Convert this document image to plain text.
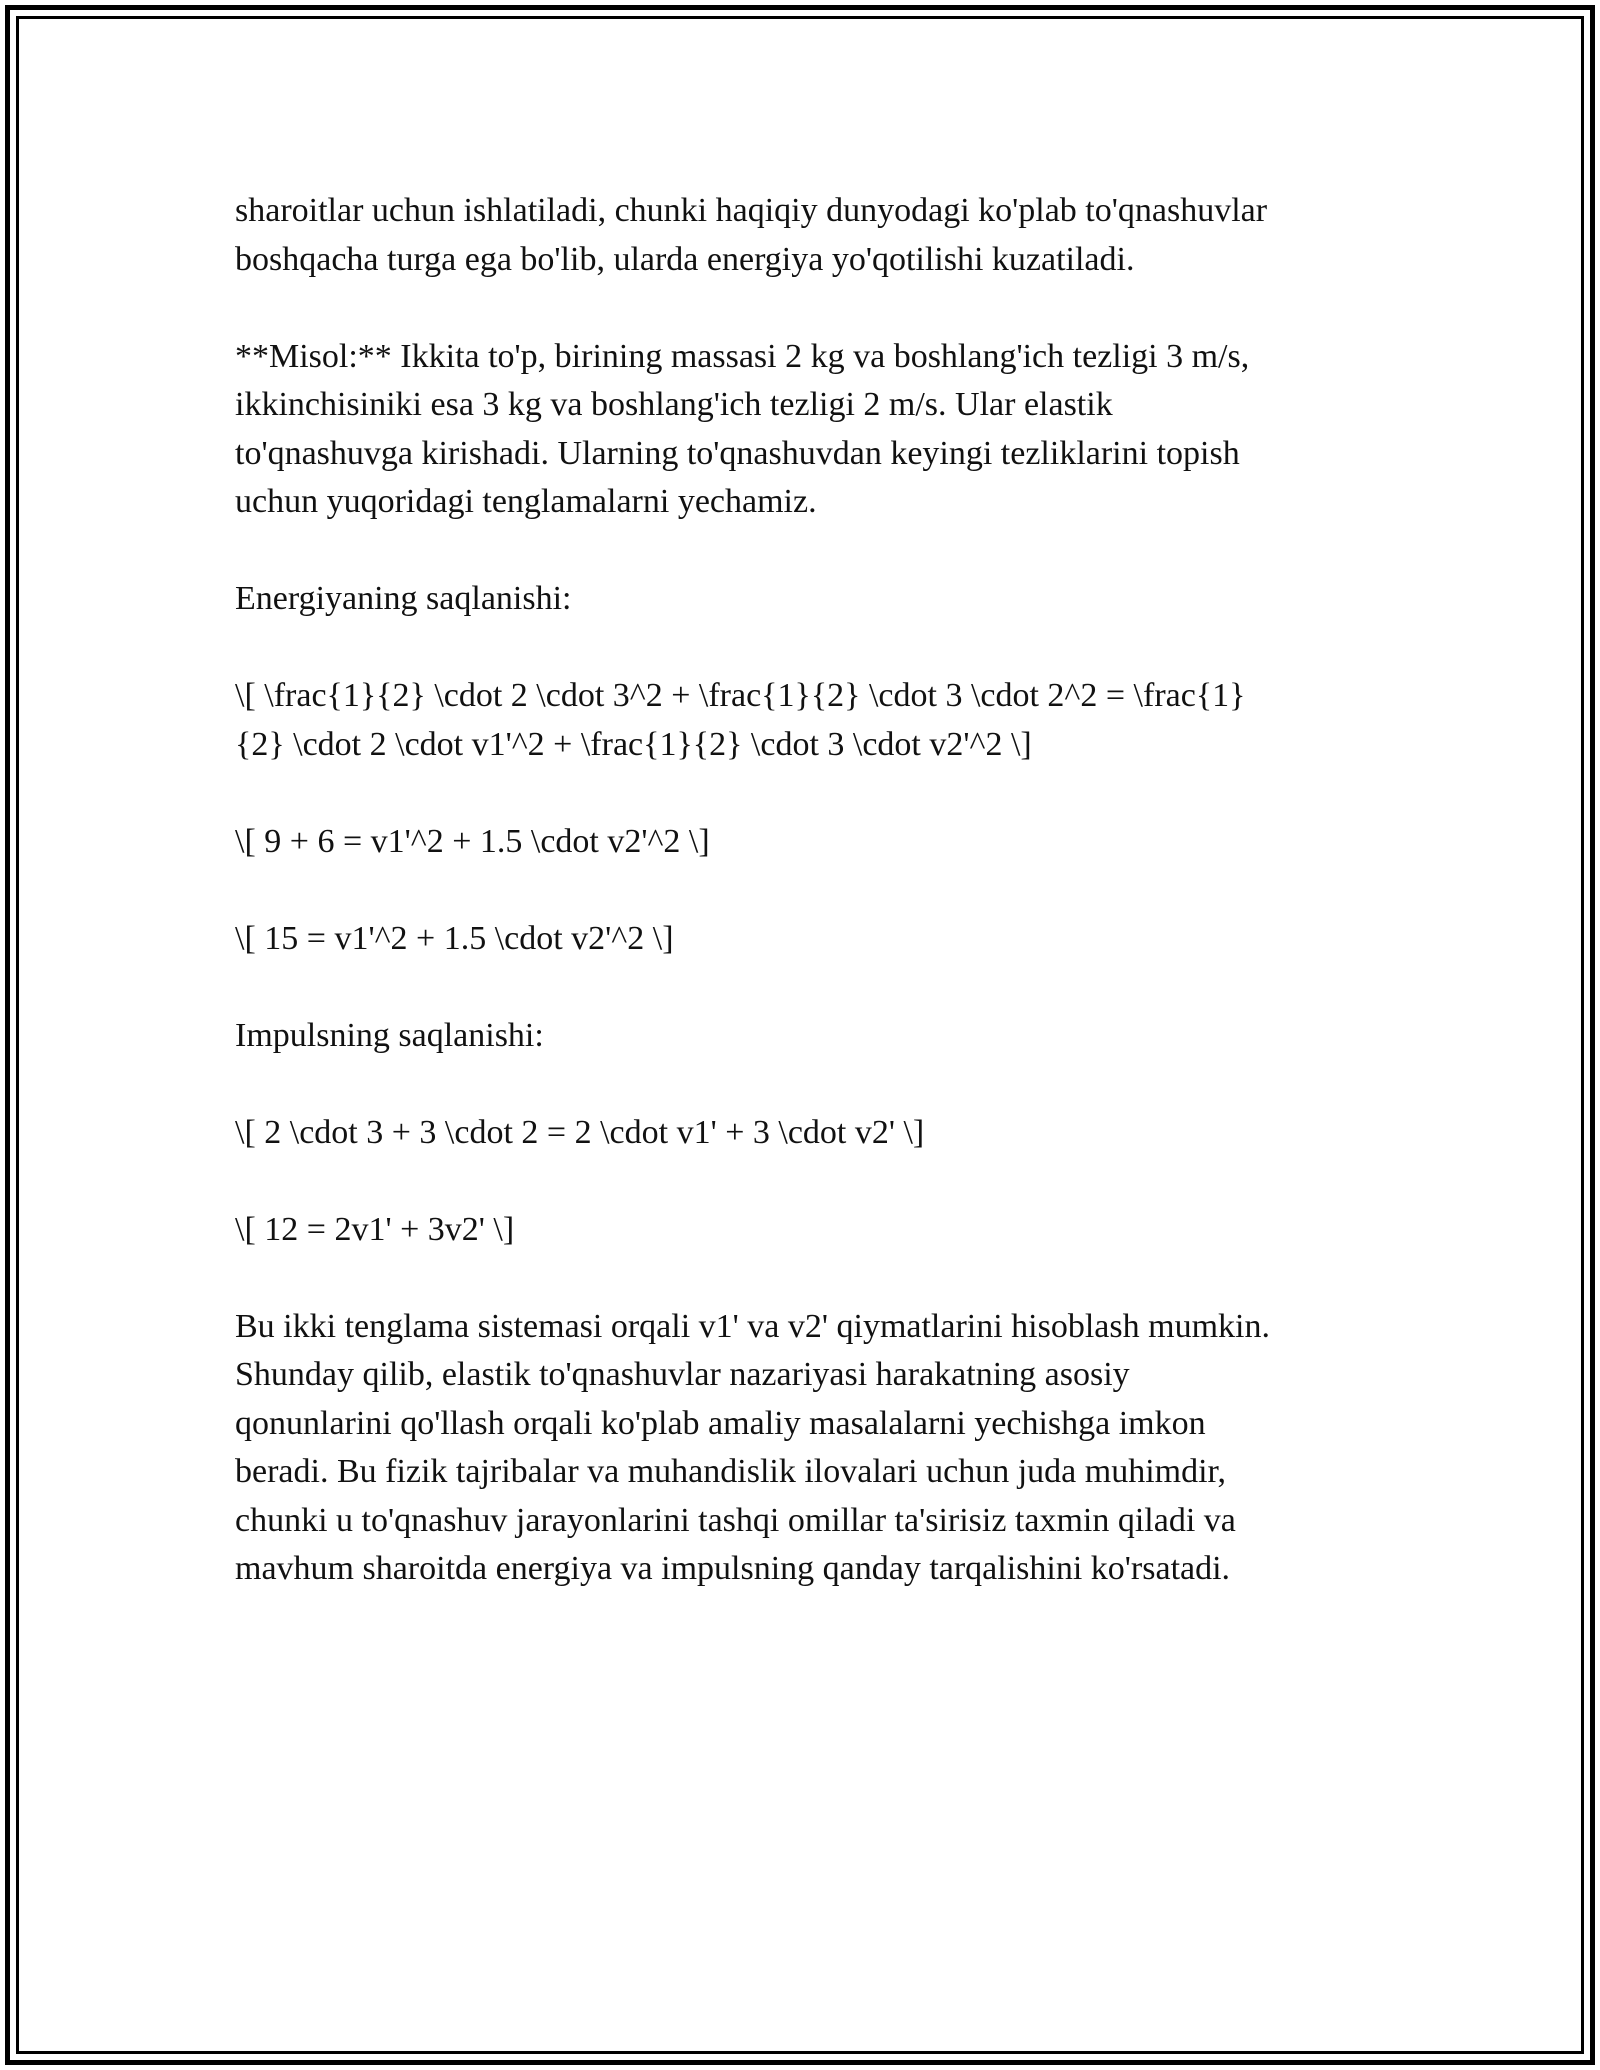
sharoitlar uchun ishlatiladi, chunki haqiqiy dunyodagi ko'plab to'qnashuvlar
boshqacha turga ega bo'lib, ularda energiya yo'qotilishi kuzatiladi.

**Misol:** Ikkita to'p, birining massasi 2 kg va boshlang'ich tezligi 3 m/s,
ikkinchisiniki esa 3 kg va boshlang'ich tezligi 2 m/s. Ular elastik
to'qnashuvga kirishadi. Ularning to'qnashuvdan keyingi tezliklarini topish
uchun yuqoridagi tenglamalarni yechamiz.

Energiyaning saqlanishi:

\[ \frac{1}{2} \cdot 2 \cdot 3^2 + \frac{1}{2} \cdot 3 \cdot 2^2 = \frac{1}
{2} \cdot 2 \cdot v1'^2 + \frac{1}{2} \cdot 3 \cdot v2'^2 \]

\[ 9 + 6 = v1'^2 + 1.5 \cdot v2'^2 \]

\[ 15 = v1'^2 + 1.5 \cdot v2'^2 \]

Impulsning saqlanishi:

\[ 2 \cdot 3 + 3 \cdot 2 = 2 \cdot v1' + 3 \cdot v2' \]

\[ 12 = 2v1' + 3v2' \]

Bu ikki tenglama sistemasi orqali v1' va v2' qiymatlarini hisoblash mumkin.
Shunday qilib, elastik to'qnashuvlar nazariyasi harakatning asosiy
qonunlarini qo'llash orqali ko'plab amaliy masalalarni yechishga imkon
beradi. Bu fizik tajribalar va muhandislik ilovalari uchun juda muhimdir,
chunki u to'qnashuv jarayonlarini tashqi omillar ta'sirisiz taxmin qiladi va
mavhum sharoitda energiya va impulsning qanday tarqalishini ko'rsatadi.
